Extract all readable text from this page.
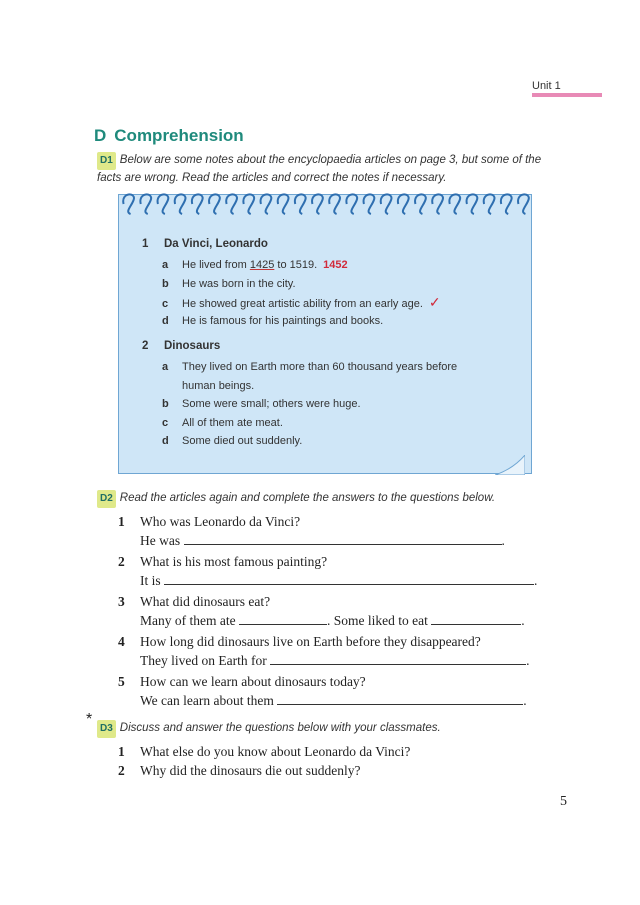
Unit 1
D Comprehension
D1 Below are some notes about the encyclopaedia articles on page 3, but some of the
facts are wrong. Read the articles and correct the notes if necessary.
1 Da Vinci, Leonardo
a He lived from 1425 to 1519. 1452
b He was born in the city.
c He showed great artistic ability from an early age. ✓
d He is famous for his paintings and books.
2 Dinosaurs
a They lived on Earth more than 60 thousand years before
human beings.
b Some were small; others were huge.
c All of them ate meat.
d Some died out suddenly.
D2 Read the articles again and complete the answers to the questions below.
1 Who was Leonardo da Vinci?
He was	.
2 What is his most famous painting?
It is	.
3 What did dinosaurs eat?
Many of them ate	. Some liked to eat	.
4 How long did dinosaurs live on Earth before they disappeared?
They lived on Earth for	.
5 How can we learn about dinosaurs today?
We can learn about them	.
*
D3 Discuss and answer the questions below with your classmates.
1 What else do you know about Leonardo da Vinci?
2 Why did the dinosaurs die out suddenly?
5
